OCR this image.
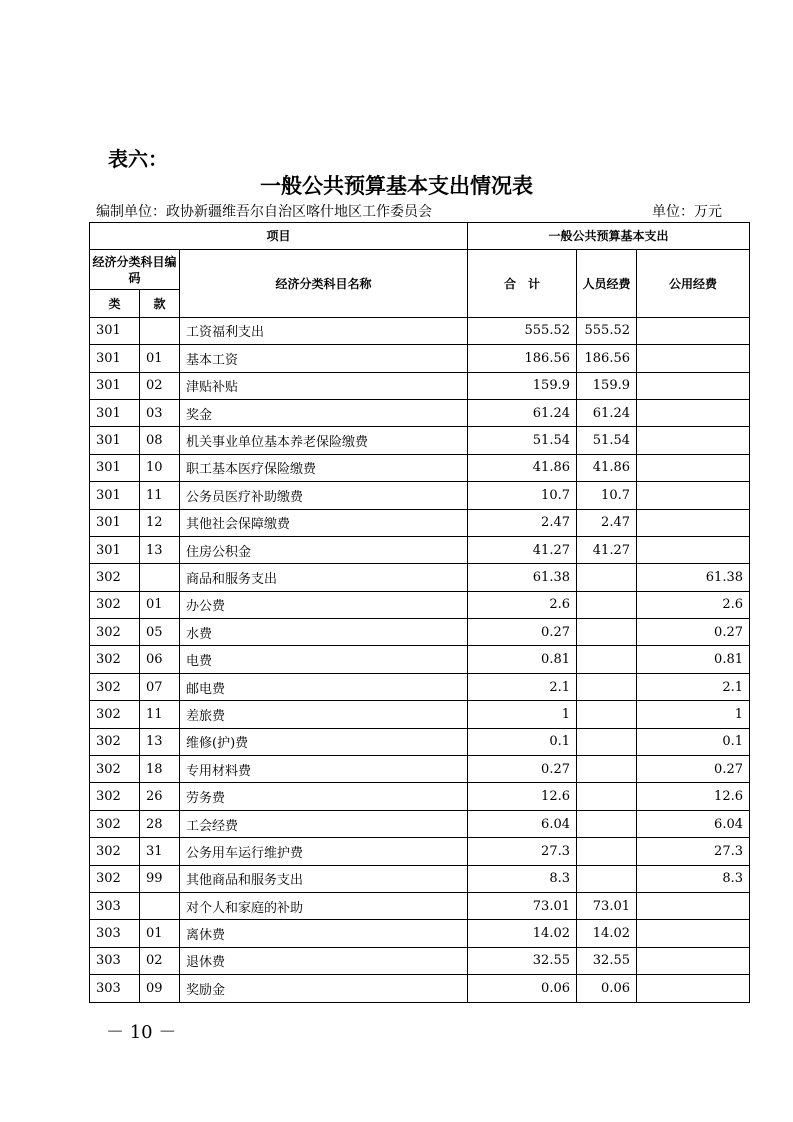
表六：
一般公共预算基本支出情况表
编制单位：政协新疆维吾尔自治区喀什地区工作委员会	单位：万元
项目			一般公共预算基本支出		
经济分类科目编码		经济分类科目名称	合　计	人员经费	公用经费
类	款				
301		工资福利支出	555.52	555.52	
301	01	基本工资	186.56	186.56	
301	02	津贴补贴	159.9	159.9	
301	03	奖金	61.24	61.24	
301	08	机关事业单位基本养老保险缴费	51.54	51.54	
301	10	职工基本医疗保险缴费	41.86	41.86	
301	11	公务员医疗补助缴费	10.7	10.7	
301	12	其他社会保障缴费	2.47	2.47	
301	13	住房公积金	41.27	41.27	
302		商品和服务支出	61.38		61.38
302	01	办公费	2.6		2.6
302	05	水费	0.27		0.27
302	06	电费	0.81		0.81
302	07	邮电费	2.1		2.1
302	11	差旅费	1		1
302	13	维修(护)费	0.1		0.1
302	18	专用材料费	0.27		0.27
302	26	劳务费	12.6		12.6
302	28	工会经费	6.04		6.04
302	31	公务用车运行维护费	27.3		27.3
302	99	其他商品和服务支出	8.3		8.3
303		对个人和家庭的补助	73.01	73.01	
303	01	离休费	14.02	14.02	
303	02	退休费	32.55	32.55	
303	09	奖励金	0.06	0.06	
－ 10 －
